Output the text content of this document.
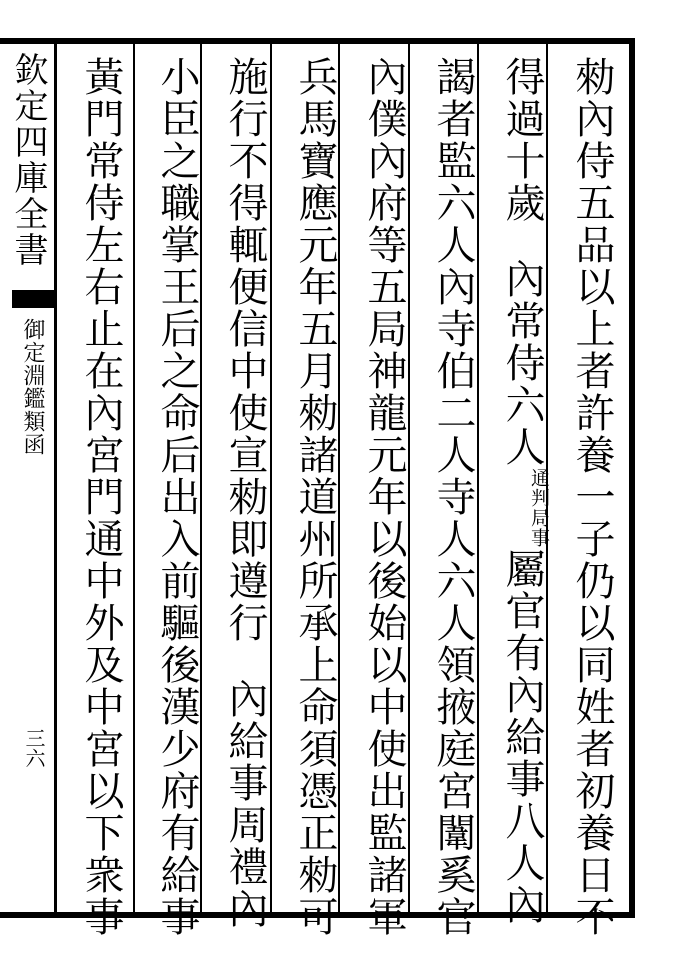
欽定四庫全書
御定淵鑑類函
三六	勑內侍五品以上者許養一子仍以同姓者初養日不
得過十歲內常侍六人通判局事屬官有內給事八人內
謁者監六人內寺伯二人寺人六人領掖庭宮闈奚官
內僕內府等五局神龍元年以後始以中使出監諸軍
兵馬寶應元年五月勑諸道州所承上命須憑正勑可
施行不得輒便信中使宣勑即遵行內給事周禮內
小臣之職掌王后之命后出入前驅後漢少府有給事
黃門常侍左右止在內宮門通中外及中宮以下衆事
